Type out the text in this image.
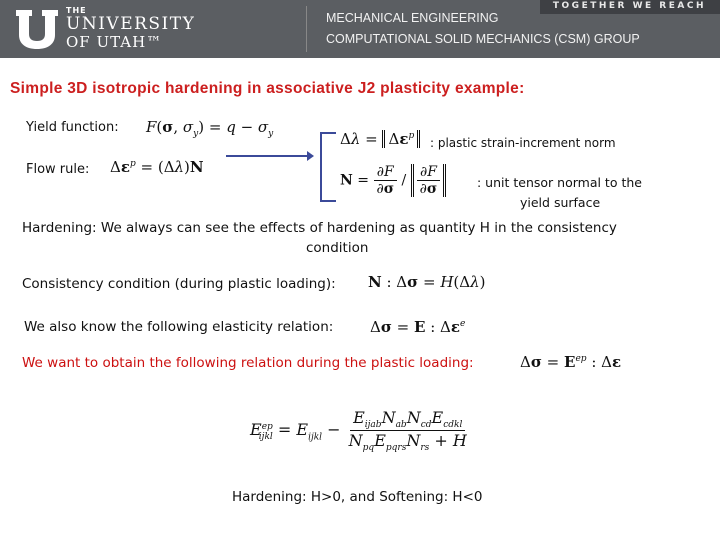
TOGETHER WE REACH
THE
UNIVERSITY
OF UTAH™
MECHANICAL ENGINEERING
COMPUTATIONAL SOLID MECHANICS (CSM) GROUP
Simple 3D isotropic hardening in associative J2 plasticity example:
Yield function: F(σ, $\sigma_y) = q - \sigma_y$
Flow rule: $\Delta\varepsilon^p = (\Delta\lambda)N$
$\Delta\lambda = \Delta\varepsilon^p$	: plastic strain-increment norm
$N = \frac{\partial F}{\partial\sigma} / \frac{\partial F}{\partial\sigma}$	: unit tensor normal to the
yield surface
Hardening: We always can see the effects of hardening as quantity H in the consistency
condition
Consistency condition (during plastic loading): N : Δσ = H(Δλ)
We also know the following elasticity relation: Δσ = E : $\Delta\varepsilon^e$
We want to obtain the following relation during the plastic loading:	$\Delta\sigma = E^{ep}$ : Δε
$E^{ep}_{ijkl} = E_{ijkl} - \frac{E_{ijab}N_{ab}N_{cd}E_{cdkl}}{N_{pq}E_{pqrs}N_{rs} + H}$
Hardening: H>0, and Softening: H<0
